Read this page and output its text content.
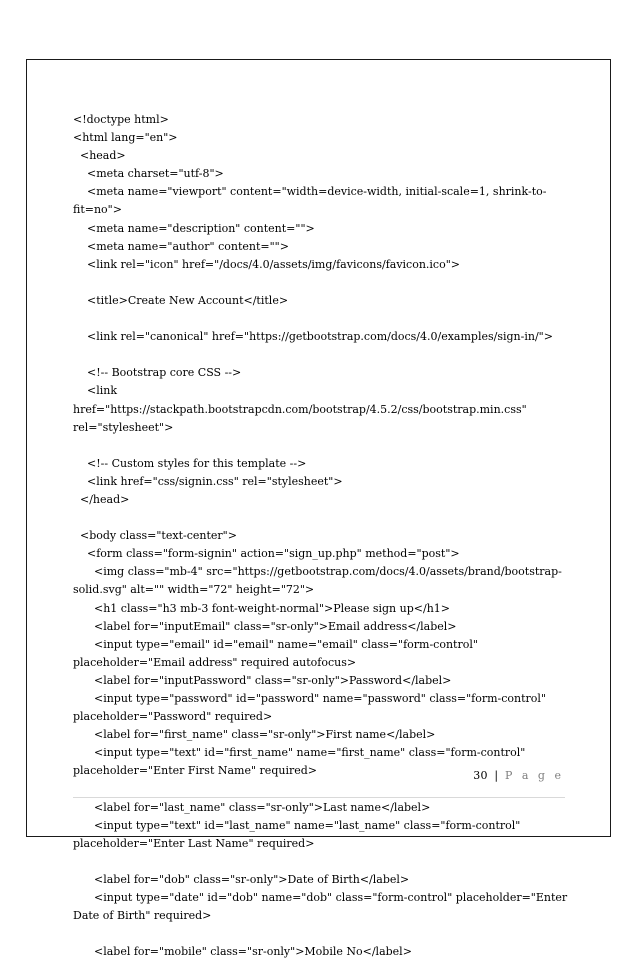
<!doctype html>
<html lang="en">
<head>
<meta charset="utf-8">
<meta name="viewport" content="width=device-width, initial-scale=1, shrink-to-fit=no">
<meta name="description" content="">
<meta name="author" content="">
<link rel="icon" href="/docs/4.0/assets/img/favicons/favicon.ico">
<title>Create New Account</title>
<link rel="canonical" href="https://getbootstrap.com/docs/4.0/examples/sign-in/">
<!-- Bootstrap core CSS -->
<link href="https://stackpath.bootstrapcdn.com/bootstrap/4.5.2/css/bootstrap.min.css" rel="stylesheet">
<!-- Custom styles for this template -->
<link href="css/signin.css" rel="stylesheet">
</head>
<body class="text-center">
<form class="form-signin" action="sign_up.php" method="post">
<img class="mb-4" src="https://getbootstrap.com/docs/4.0/assets/brand/bootstrap-solid.svg" alt="" width="72" height="72">
<h1 class="h3 mb-3 font-weight-normal">Please sign up</h1>
<label for="inputEmail" class="sr-only">Email address</label>
<input type="email" id="email" name="email" class="form-control" placeholder="Email address" required autofocus>
<label for="inputPassword" class="sr-only">Password</label>
<input type="password" id="password" name="password" class="form-control" placeholder="Password" required>
<label for="first_name" class="sr-only">First name</label>
<input type="text" id="first_name" name="first_name" class="form-control" placeholder="Enter First Name" required>
<label for="last_name" class="sr-only">Last name</label>
<input type="text" id="last_name" name="last_name" class="form-control" placeholder="Enter Last Name" required>
<label for="dob" class="sr-only">Date of Birth</label>
<input type="date" id="dob" name="dob" class="form-control" placeholder="Enter Date of Birth" required>
<label for="mobile" class="sr-only">Mobile No</label>
30 | P a g e
